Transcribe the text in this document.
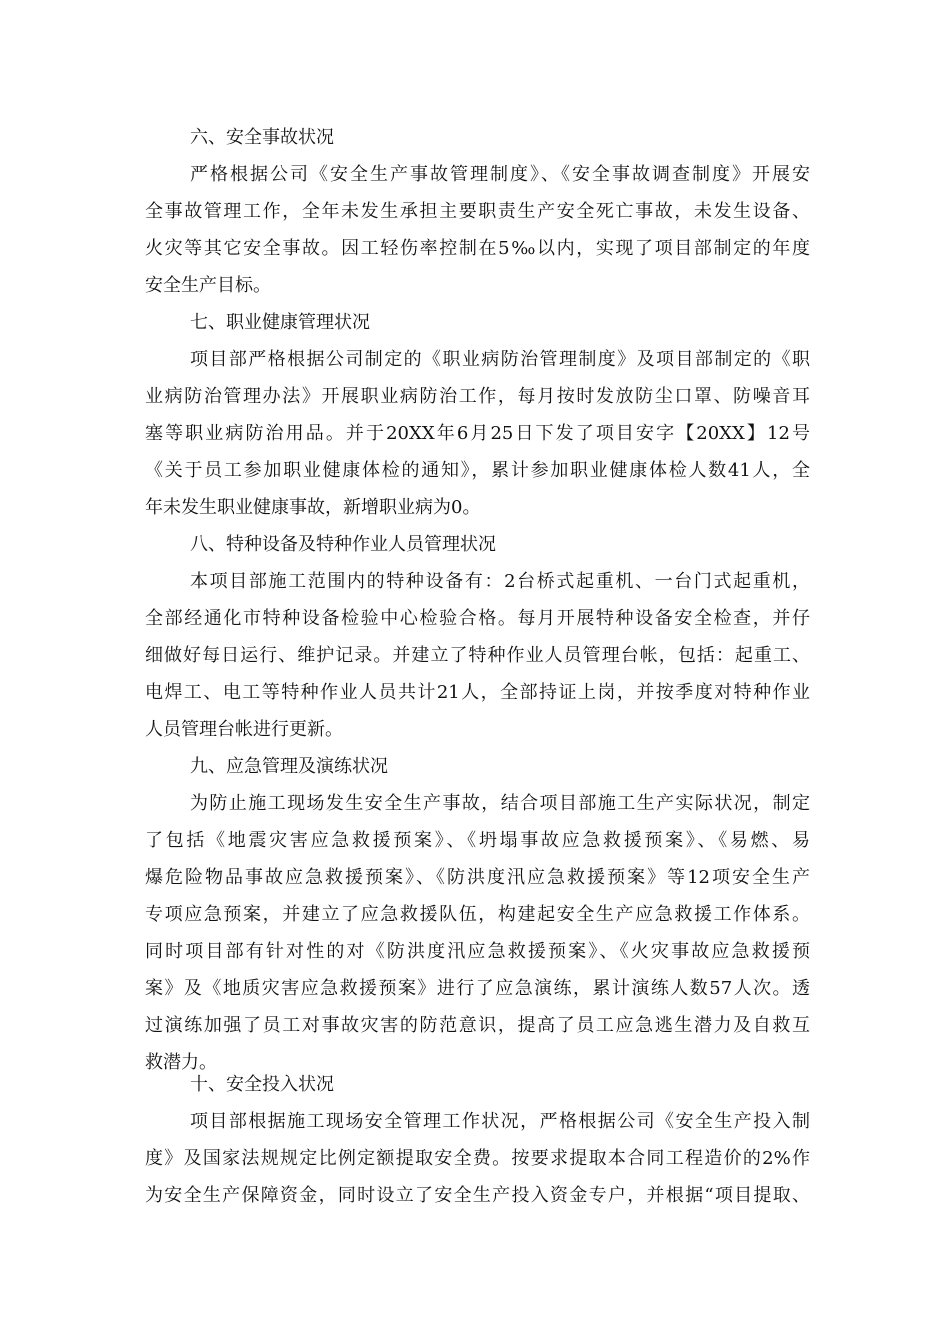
六、安全事故状况
严格根据公司《安全生产事故管理制度》、《安全事故调查制度》开展安
全事故管理工作，全年未发生承担主要职责生产安全死亡事故，未发生设备、
火灾等其它安全事故。因工轻伤率控制在5‰以内，实现了项目部制定的年度
安全生产目标。
七、职业健康管理状况
项目部严格根据公司制定的《职业病防治管理制度》及项目部制定的《职
业病防治管理办法》开展职业病防治工作，每月按时发放防尘口罩、防噪音耳
塞等职业病防治用品。并于20XX年6月25日下发了项目安字【20XX】12号
《关于员工参加职业健康体检的通知》，累计参加职业健康体检人数41人，全
年未发生职业健康事故，新增职业病为0。
八、特种设备及特种作业人员管理状况
本项目部施工范围内的特种设备有：2台桥式起重机、一台门式起重机，
全部经通化市特种设备检验中心检验合格。每月开展特种设备安全检查，并仔
细做好每日运行、维护记录。并建立了特种作业人员管理台帐，包括：起重工、
电焊工、电工等特种作业人员共计21人，全部持证上岗，并按季度对特种作业
人员管理台帐进行更新。
九、应急管理及演练状况
为防止施工现场发生安全生产事故，结合项目部施工生产实际状况，制定
了包括《地震灾害应急救援预案》、《坍塌事故应急救援预案》、《易燃、易
爆危险物品事故应急救援预案》、《防洪度汛应急救援预案》等12项安全生产
专项应急预案，并建立了应急救援队伍，构建起安全生产应急救援工作体系。
同时项目部有针对性的对《防洪度汛应急救援预案》、《火灾事故应急救援预
案》及《地质灾害应急救援预案》进行了应急演练，累计演练人数57人次。透
过演练加强了员工对事故灾害的防范意识，提高了员工应急逃生潜力及自救互
救潜力。
十、安全投入状况
项目部根据施工现场安全管理工作状况，严格根据公司《安全生产投入制
度》及国家法规规定比例定额提取安全费。按要求提取本合同工程造价的2%作
为安全生产保障资金，同时设立了安全生产投入资金专户，并根据“项目提取、
